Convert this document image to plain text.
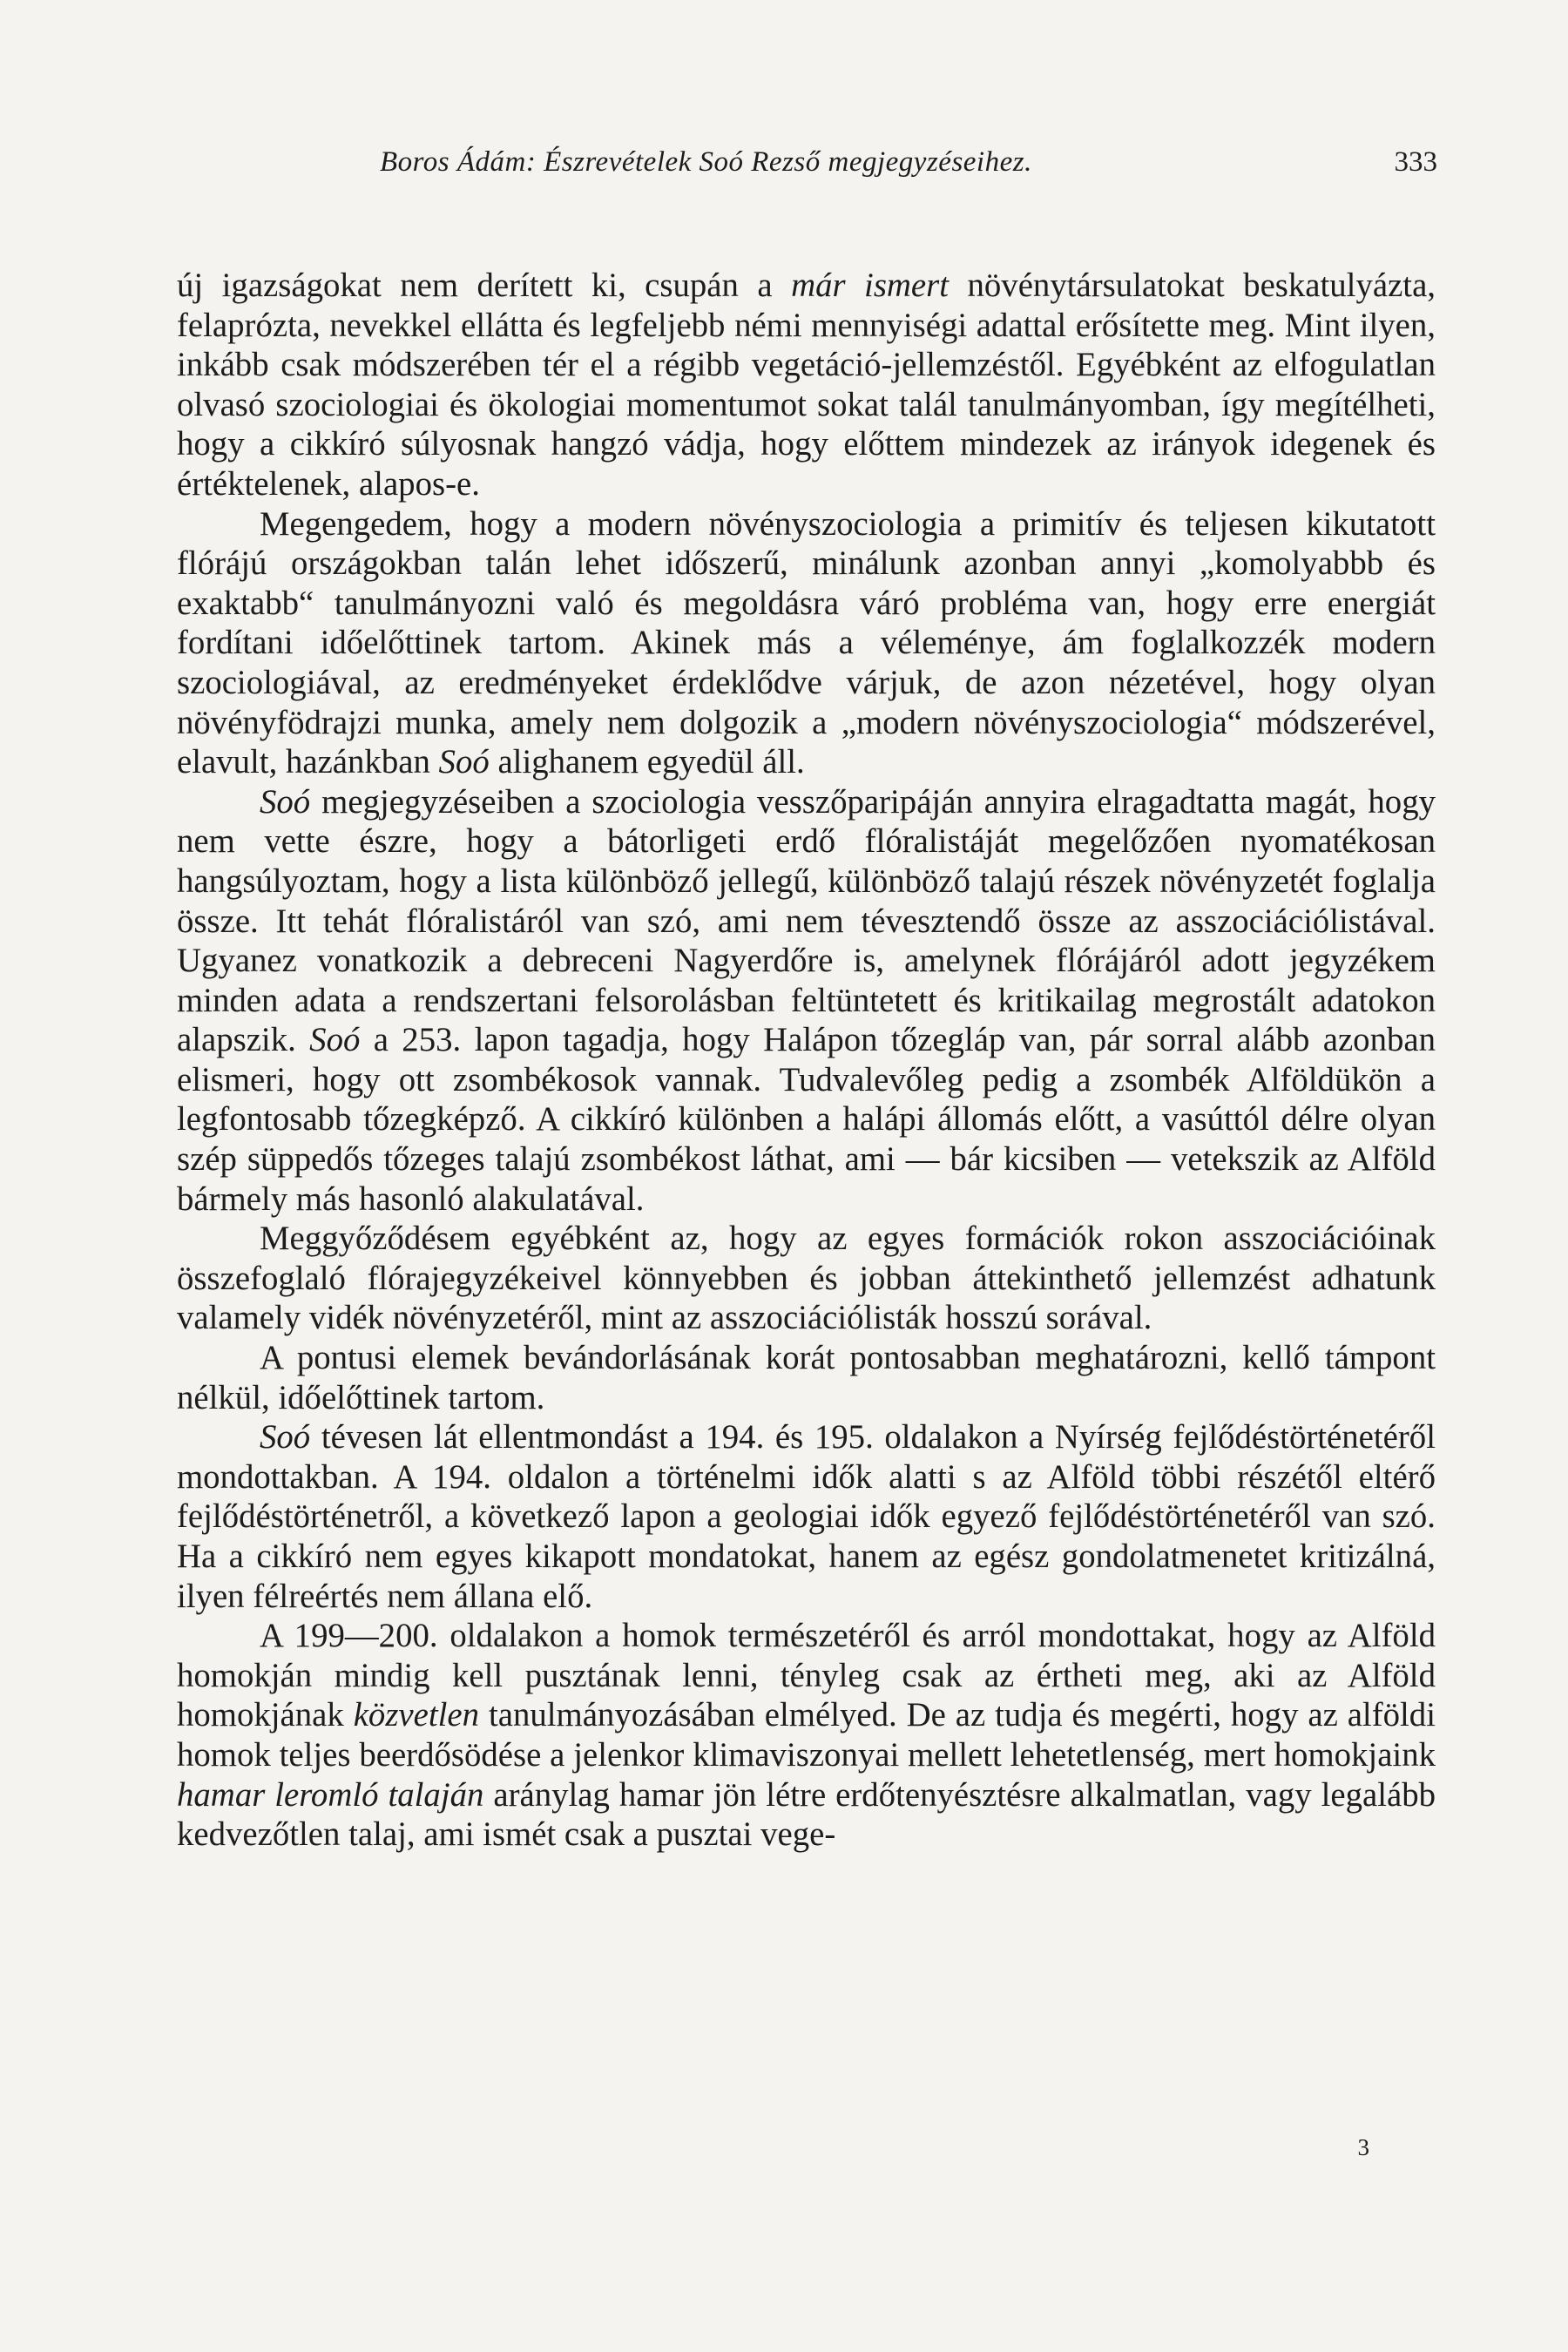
Boros Ádám: Észrevételek Soó Rezső megjegyzéseihez.	333

új igazságokat nem derített ki, csupán a már ismert növénytársulatokat beskatulyázta, felaprózta, nevekkel ellátta és legfeljebb némi mennyiségi adattal erősítette meg. Mint ilyen, inkább csak módszerében tér el a régibb vegetáció-jellemzéstől. Egyébként az elfogulatlan olvasó szociologiai és ökologiai momentumot sokat talál tanulmányomban, így megítélheti, hogy a cikkíró súlyosnak hangzó vádja, hogy előttem mindezek az irányok idegenek és értéktelenek, alapos-e.

Megengedem, hogy a modern növényszociologia a primitív és teljesen kikutatott flórájú országokban talán lehet időszerű, minálunk azonban annyi „komolyabbb és exaktabb“ tanulmányozni való és megoldásra váró probléma van, hogy erre energiát fordítani időelőttinek tartom. Akinek más a véleménye, ám foglalkozzék modern szociologiával, az eredményeket érdeklődve várjuk, de azon nézetével, hogy olyan növényfödrajzi munka, amely nem dolgozik a „modern növényszociologia“ módszerével, elavult, hazánkban Soó alighanem egyedül áll.

Soó megjegyzéseiben a szociologia vesszőparipáján annyira elragadtatta magát, hogy nem vette észre, hogy a bátorligeti erdő flóralistáját megelőzően nyomatékosan hangsúlyoztam, hogy a lista különböző jellegű, különböző talajú részek növényzetét foglalja össze. Itt tehát flóralistáról van szó, ami nem tévesztendő össze az asszociációlistával. Ugyanez vonatkozik a debreceni Nagyerdőre is, amelynek flórájáról adott jegyzékem minden adata a rendszertani felsorolásban feltüntetett és kritikailag megrostált adatokon alapszik. Soó a 253. lapon tagadja, hogy Halápon tőzegláp van, pár sorral alább azonban elismeri, hogy ott zsombékosok vannak. Tudvalevőleg pedig a zsombék Alföldükön a legfontosabb tőzegképző. A cikkíró különben a halápi állomás előtt, a vasúttól délre olyan szép süppedős tőzeges talajú zsombékost láthat, ami — bár kicsiben — vetekszik az Alföld bármely más hasonló alakulatával.

Meggyőződésem egyébként az, hogy az egyes formációk rokon asszociációinak összefoglaló flórajegyzékeivel könnyebben és jobban áttekinthető jellemzést adhatunk valamely vidék növényzetéről, mint az asszociációlisták hosszú sorával.

A pontusi elemek bevándorlásának korát pontosabban meghatározni, kellő támpont nélkül, időelőttinek tartom.

Soó tévesen lát ellentmondást a 194. és 195. oldalakon a Nyírség fejlődéstörténetéről mondottakban. A 194. oldalon a történelmi idők alatti s az Alföld többi részétől eltérő fejlődéstörténetről, a következő lapon a geologiai idők egyező fejlődéstörténetéről van szó. Ha a cikkíró nem egyes kikapott mondatokat, hanem az egész gondolatmenetet kritizálná, ilyen félreértés nem állana elő.

A 199—200. oldalakon a homok természetéről és arról mondottakat, hogy az Alföld homokján mindig kell pusztának lenni, tényleg csak az értheti meg, aki az Alföld homokjának közvetlen tanulmányozásában elmélyed. De az tudja és megérti, hogy az alföldi homok teljes beerdősödése a jelenkor klimaviszonyai mellett lehetetlenség, mert homokjaink hamar leromló talaján aránylag hamar jön létre erdőtenyésztésre alkalmatlan, vagy legalább kedvezőtlen talaj, ami ismét csak a pusztai vege-

3
